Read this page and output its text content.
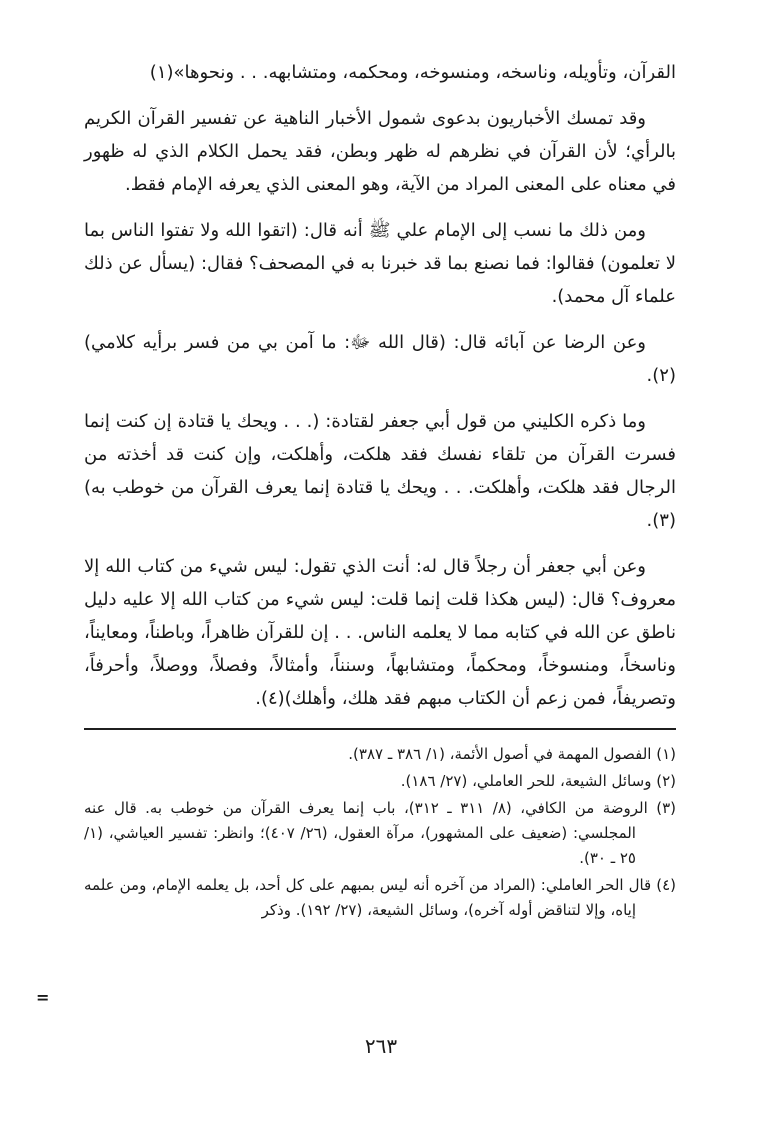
القرآن، وتأويله، وناسخه، ومنسوخه، ومحكمه، ومتشابهه. . . ونحوها»(١)
وقد تمسك الأخباريون بدعوى شمول الأخبار الناهية عن تفسير القرآن الكريم بالرأي؛ لأن القرآن في نظرهم له ظهر وبطن، فقد يحمل الكلام الذي له ظهور في معناه على المعنى المراد من الآية، وهو المعنى الذي يعرفه الإمام فقط.
ومن ذلك ما نسب إلى الإمام علي ﷺ أنه قال: (اتقوا الله ولا تفتوا الناس بما لا تعلمون) فقالوا: فما نصنع بما قد خبرنا به في المصحف؟ فقال: (يسأل عن ذلك علماء آل محمد).
وعن الرضا عن آبائه قال: (قال الله ﷻ: ما آمن بي من فسر برأيه كلامي)(٢).
وما ذكره الكليني من قول أبي جعفر لقتادة: (. . . ويحك يا قتادة إن كنت إنما فسرت القرآن من تلقاء نفسك فقد هلكت، وأهلكت، وإن كنت قد أخذته من الرجال فقد هلكت، وأهلكت. . . ويحك يا قتادة إنما يعرف القرآن من خوطب به)(٣).
وعن أبي جعفر أن رجلاً قال له: أنت الذي تقول: ليس شيء من كتاب الله إلا معروف؟ قال: (ليس هكذا قلت إنما قلت: ليس شيء من كتاب الله إلا عليه دليل ناطق عن الله في كتابه مما لا يعلمه الناس. . . إن للقرآن ظاهراً، وباطناً، ومعايناً، وناسخاً، ومنسوخاً، ومحكماً، ومتشابهاً، وسنناً، وأمثالاً، وفصلاً، ووصلاً، وأحرفاً، وتصريفاً، فمن زعم أن الكتاب مبهم فقد هلك، وأهلك)(٤).
(١) الفصول المهمة في أصول الأئمة، (١/ ٣٨٦ ـ ٣٨٧).
(٢) وسائل الشيعة، للحر العاملي، (٢٧/ ١٨٦).
(٣) الروضة من الكافي، (٨/ ٣١١ ـ ٣١٢)، باب إنما يعرف القرآن من خوطب به. قال عنه المجلسي: (ضعيف على المشهور)، مرآة العقول، (٢٦/ ٤٠٧)؛ وانظر: تفسير العياشي، (١/ ٢٥ ـ ٣٠).
(٤) قال الحر العاملي: (المراد من آخره أنه ليس بمبهم على كل أحد، بل يعلمه الإمام، ومن علمه إياه، وإلا لتناقض أوله آخره)، وسائل الشيعة، (٢٧/ ١٩٢). وذكر
=
٢٦٣
